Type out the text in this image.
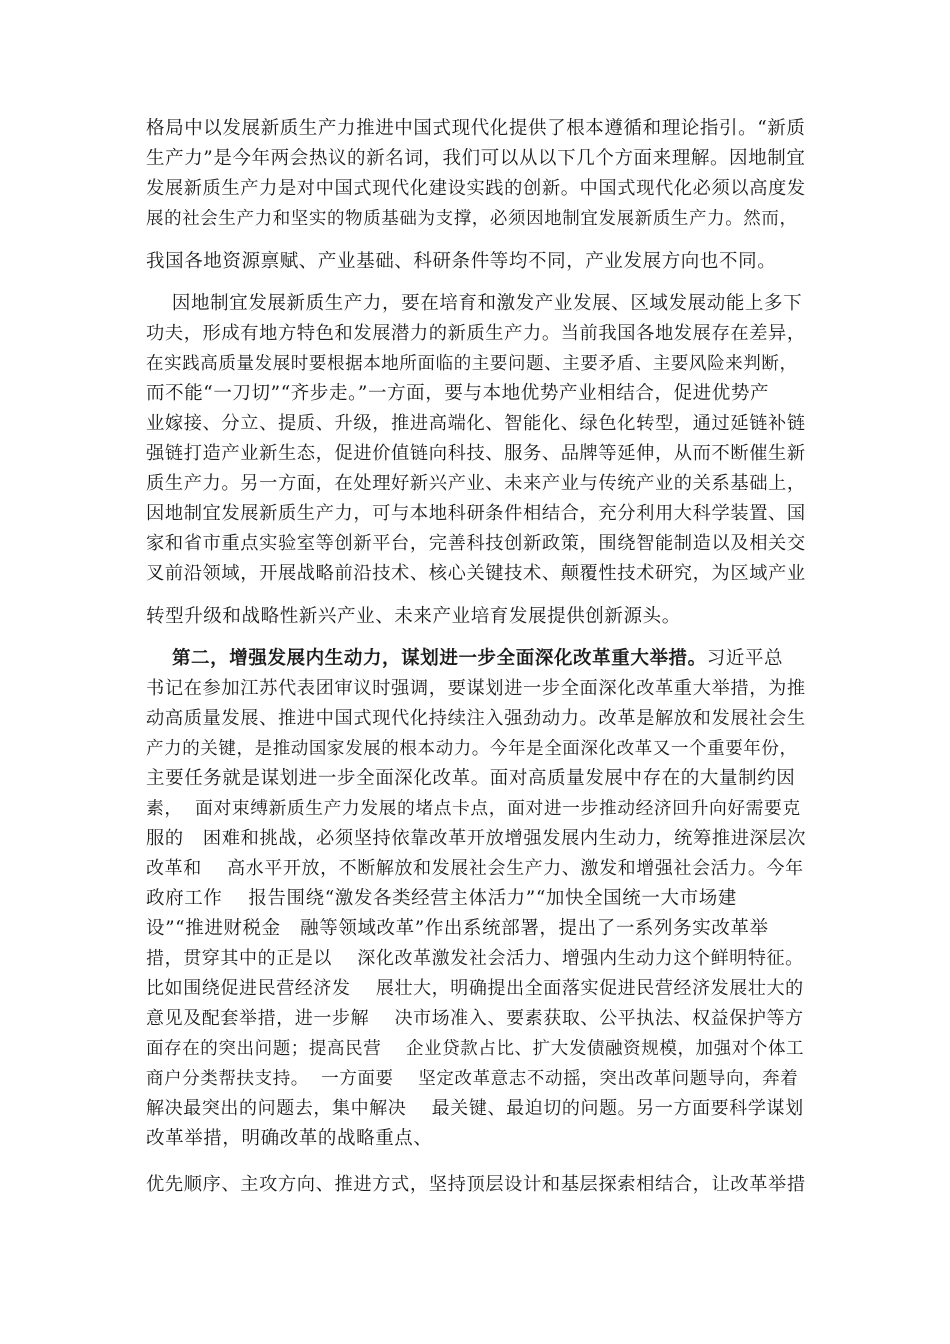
格局中以发展新质生产力推进中国式现代化提供了根本遵循和理论指引。“新质
生产力”是今年两会热议的新名词，我们可以从以下几个方面来理解。因地制宜
发展新质生产力是对中国式现代化建设实践的创新。中国式现代化必须以高度发
展的社会生产力和坚实的物质基础为支撑，必须因地制宜发展新质生产力。然而，
我国各地资源禀赋、产业基础、科研条件等均不同，产业发展方向也不同。
因地制宜发展新质生产力，要在培育和激发产业发展、区域发展动能上多下
功夫，形成有地方特色和发展潜力的新质生产力。当前我国各地发展存在差异，
在实践高质量发展时要根据本地所面临的主要问题、主要矛盾、主要风险来判断，
而不能“一刀切”“齐步走。”一方面，要与本地优势产业相结合，促进优势产
业嫁接、分立、提质、升级，推进高端化、智能化、绿色化转型，通过延链补链
强链打造产业新生态，促进价值链向科技、服务、品牌等延伸，从而不断催生新
质生产力。另一方面，在处理好新兴产业、未来产业与传统产业的关系基础上，
因地制宜发展新质生产力，可与本地科研条件相结合，充分利用大科学装置、国
家和省市重点实验室等创新平台，完善科技创新政策，围绕智能制造以及相关交
叉前沿领域，开展战略前沿技术、核心关键技术、颠覆性技术研究，为区域产业
转型升级和战略性新兴产业、未来产业培育发展提供创新源头。
第二，增强发展内生动力，谋划进一步全面深化改革重大举措。习近平总
书记在参加江苏代表团审议时强调，要谋划进一步全面深化改革重大举措，为推
动高质量发展、推进中国式现代化持续注入强劲动力。改革是解放和发展社会生
产力的关键，是推动国家发展的根本动力。今年是全面深化改革又一个重要年份，
主要任务就是谋划进一步全面深化改革。面对高质量发展中存在的大量制约因
素，  面对束缚新质生产力发展的堵点卡点，面对进一步推动经济回升向好需要克
服的   困难和挑战，必须坚持依靠改革开放增强发展内生动力，统筹推进深层次
改革和    高水平开放，不断解放和发展社会生产力、激发和增强社会活力。今年
政府工作    报告围绕“激发各类经营主体活力”“加快全国统一大市场建
设”“推进财税金   融等领域改革”作出系统部署，提出了一系列务实改革举
措，贯穿其中的正是以    深化改革激发社会活力、增强内生动力这个鲜明特征。
比如围绕促进民营经济发    展壮大，明确提出全面落实促进民营经济发展壮大的
意见及配套举措，进一步解    决市场准入、要素获取、公平执法、权益保护等方
面存在的突出问题；提高民营    企业贷款占比、扩大发债融资规模，加强对个体工
商户分类帮扶支持。  一方面要    坚定改革意志不动摇，突出改革问题导向，奔着
解决最突出的问题去，集中解决    最关键、最迫切的问题。另一方面要科学谋划
改革举措，明确改革的战略重点、
优先顺序、主攻方向、推进方式，坚持顶层设计和基层探索相结合，让改革举措
